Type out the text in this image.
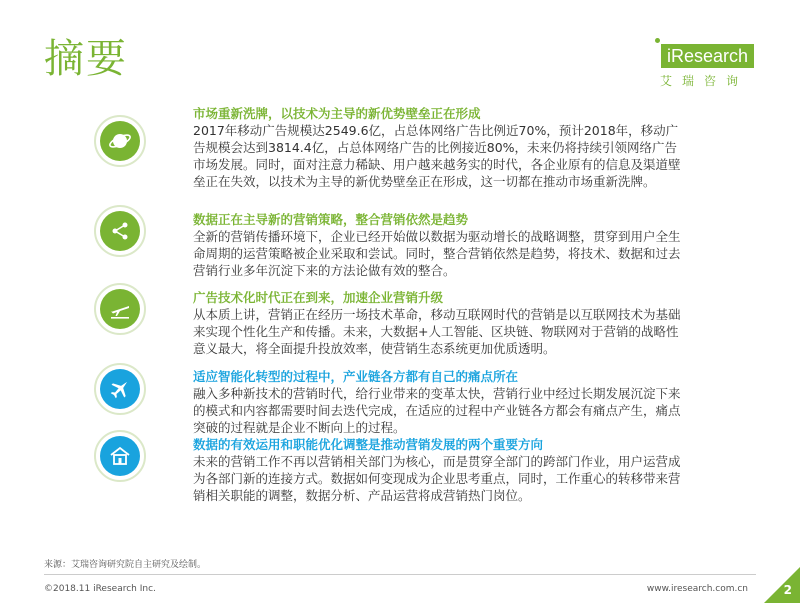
摘要	iResearch
艾瑞咨询
市场重新洗牌，以技术为主导的新优势壁垒正在形成
2017年移动广告规模达2549.6亿，占总体网络广告比例近70%，预计2018年，移动广告规模会达到3814.4亿，占总体网络广告的比例接近80%，未来仍将持续引领网络广告市场发展。同时，面对注意力稀缺、用户越来越务实的时代，各企业原有的信息及渠道壁垒正在失效，以技术为主导的新优势壁垒正在形成，这一切都在推动市场重新洗牌。
数据正在主导新的营销策略，整合营销依然是趋势
全新的营销传播环境下，企业已经开始做以数据为驱动增长的战略调整，贯穿到用户全生命周期的运营策略被企业采取和尝试。同时，整合营销依然是趋势，将技术、数据和过去营销行业多年沉淀下来的方法论做有效的整合。
广告技术化时代正在到来，加速企业营销升级
从本质上讲，营销正在经历一场技术革命，移动互联网时代的营销是以互联网技术为基础来实现个性化生产和传播。未来，大数据+人工智能、区块链、物联网对于营销的战略性意义最大，将全面提升投放效率，使营销生态系统更加优质透明。
适应智能化转型的过程中，产业链各方都有自己的痛点所在
融入多种新技术的营销时代，给行业带来的变革太快，营销行业中经过长期发展沉淀下来的模式和内容都需要时间去迭代完成，在适应的过程中产业链各方都会有痛点产生，痛点突破的过程就是企业不断向上的过程。
数据的有效运用和职能优化调整是推动营销发展的两个重要方向
未来的营销工作不再以营销相关部门为核心，而是贯穿全部门的跨部门作业，用户运营成为各部门新的连接方式。数据如何变现成为企业思考重点，同时，工作重心的转移带来营销相关职能的调整，数据分析、产品运营将成营销热门岗位。
来源：艾瑞咨询研究院自主研究及绘制。
©2018.11 iResearch Inc.	www.iresearch.com.cn	2
